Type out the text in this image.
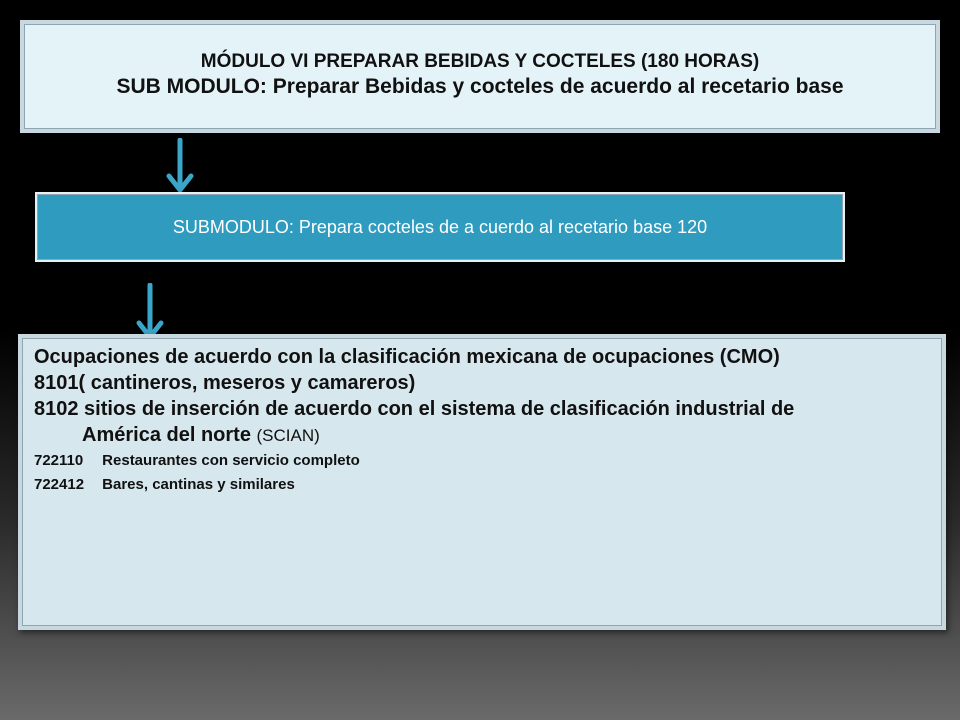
MÓDULO VI PREPARAR BEBIDAS Y COCTELES (180 HORAS)
SUB MODULO: Preparar Bebidas y cocteles de acuerdo al recetario base
SUBMODULO: Prepara cocteles de a cuerdo al recetario base 120
Ocupaciones de acuerdo con la clasificación mexicana de ocupaciones (CMO)
8101( cantineros, meseros y camareros)
8102 sitios de inserción de acuerdo con el sistema de clasificación industrial de
América del norte (SCIAN)
722110 Restaurantes con servicio completo
722412 Bares, cantinas y similares
